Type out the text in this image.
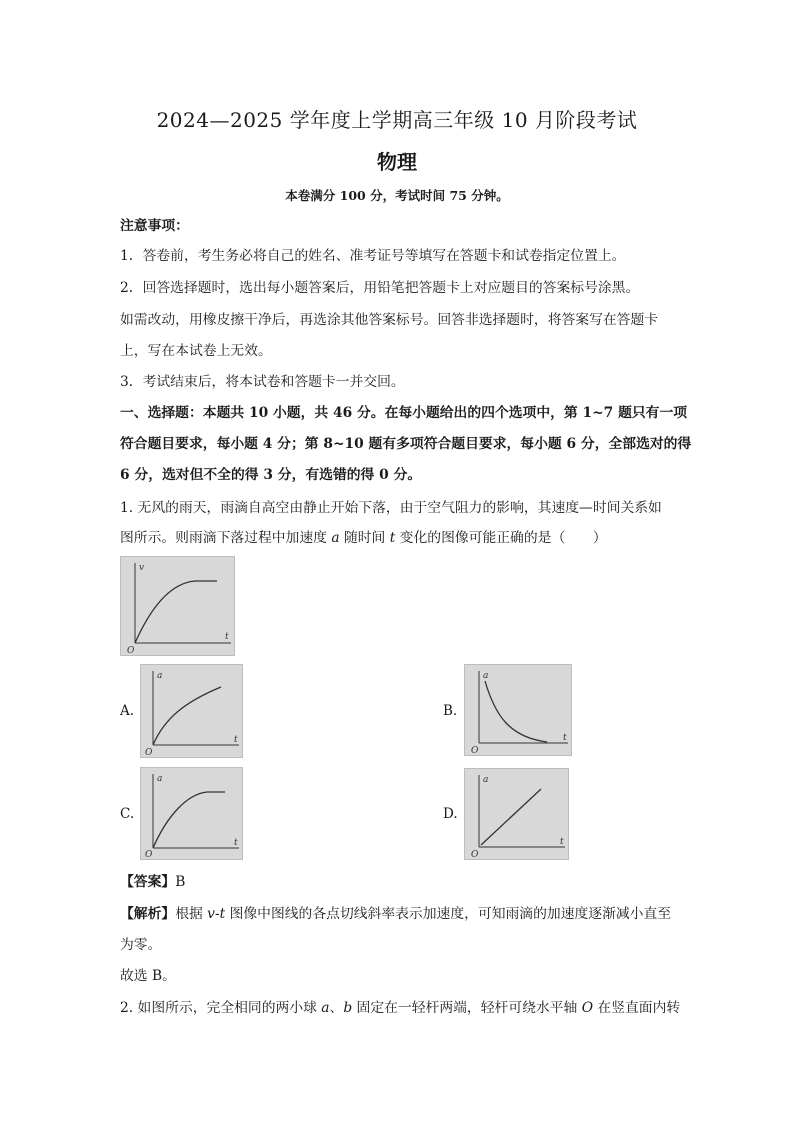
2024—2025 学年度上学期高三年级 10 月阶段考试
物理
本卷满分 100 分，考试时间 75 分钟。
注意事项：
1．答卷前，考生务必将自己的姓名、准考证号等填写在答题卡和试卷指定位置上。
2．回答选择题时，选出每小题答案后，用铅笔把答题卡上对应题目的答案标号涂黑。
如需改动，用橡皮擦干净后，再选涂其他答案标号。回答非选择题时，将答案写在答题卡
上，写在本试卷上无效。
3．考试结束后，将本试卷和答题卡一并交回。
一、选择题：本题共 10 小题，共 46 分。在每小题给出的四个选项中，第 1~7 题只有一项
符合题目要求，每小题 4 分；第 8~10 题有多项符合题目要求，每小题 6 分，全部选对的得
6 分，选对但不全的得 3 分，有选错的得 0 分。
1. 无风的雨天，雨滴自高空由静止开始下落，由于空气阻力的影响，其速度—时间关系如
图所示。则雨滴下落过程中加速度 a 随时间 t 变化的图像可能正确的是（　　）
v
t
O
A.
a
t
O
B.
a
t
O
C.
a
t
O
D.
a
t
O
【答案】B
【解析】根据 v-t 图像中图线的各点切线斜率表示加速度，可知雨滴的加速度逐渐减小直至
为零。
故选 B。
2. 如图所示，完全相同的两小球 a、b 固定在一轻杆两端，轻杆可绕水平轴 O 在竖直面内转
